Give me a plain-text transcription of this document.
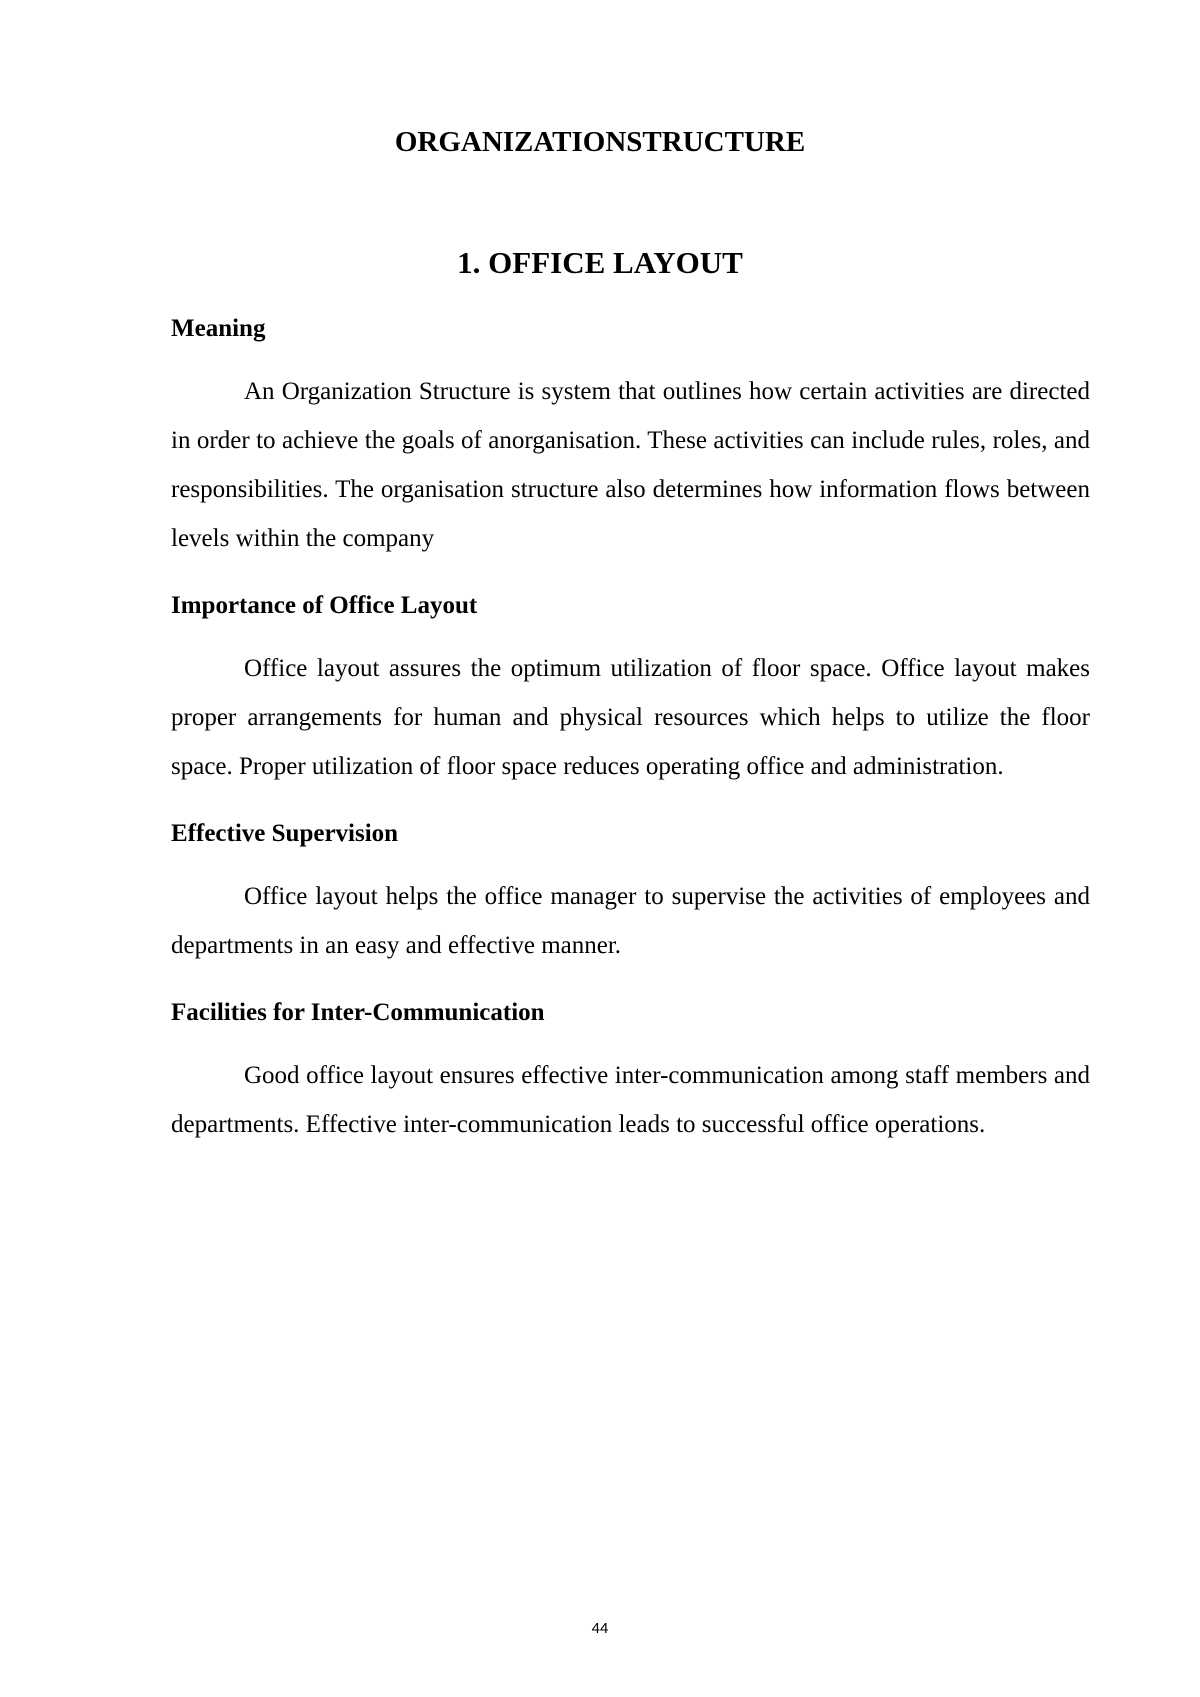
ORGANIZATIONSTRUCTURE
1. OFFICE LAYOUT
Meaning

An Organization Structure is system that outlines how certain activities are directed in order to achieve the goals of anorganisation. These activities can include rules, roles, and responsibilities. The organisation structure also determines how information flows between levels within the company

Importance of Office Layout

Office layout assures the optimum utilization of floor space. Office layout makes proper arrangements for human and physical resources which helps to utilize the floor space. Proper utilization of floor space reduces operating office and administration.

Effective Supervision

Office layout helps the office manager to supervise the activities of employees and departments in an easy and effective manner.

Facilities for Inter-Communication

Good office layout ensures effective inter-communication among staff members and departments. Effective inter-communication leads to successful office operations.

44
